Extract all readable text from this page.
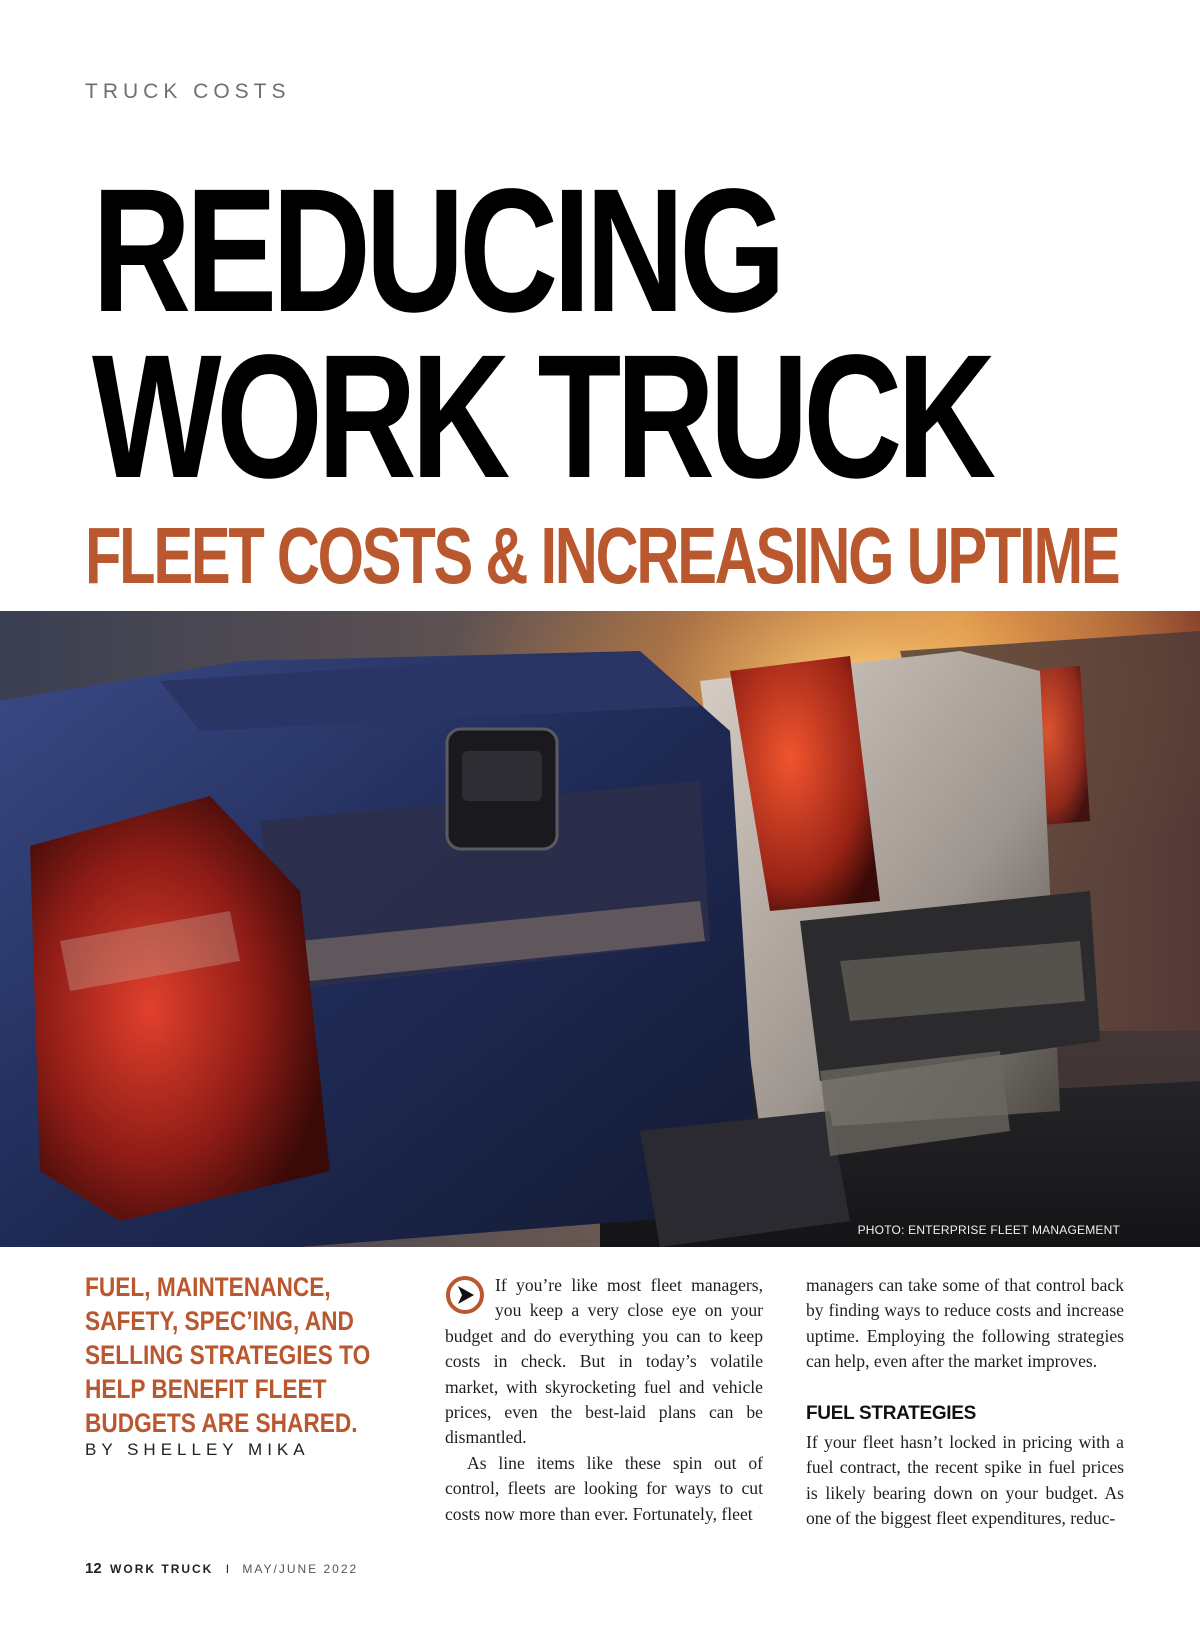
TRUCK COSTS
REDUCING
WORK TRUCK
FLEET COSTS & INCREASING UPTIME
PHOTO: ENTERPRISE FLEET MANAGEMENT
FUEL, MAINTENANCE, SAFETY, SPEC’ING, AND SELLING STRATEGIES TO HELP BENEFIT FLEET BUDGETS ARE SHARED.
BY SHELLEY MIKA

If you’re like most fleet managers, you keep a very close eye on your budget and do everything you can to keep costs in check. But in today’s volatile market, with skyrocketing fuel and vehicle prices, even the best-laid plans can be dismantled.

As line items like these spin out of control, fleets are looking for ways to cut costs now more than ever. Fortunately, fleet

managers can take some of that control back by finding ways to reduce costs and increase uptime. Employing the following strategies can help, even after the market improves.

FUEL STRATEGIES

If your fleet hasn’t locked in pricing with a fuel contract, the recent spike in fuel prices is likely bearing down on your budget. As one of the biggest fleet expenditures, reduc-

12 WORK TRUCK I MAY/JUNE 2022
